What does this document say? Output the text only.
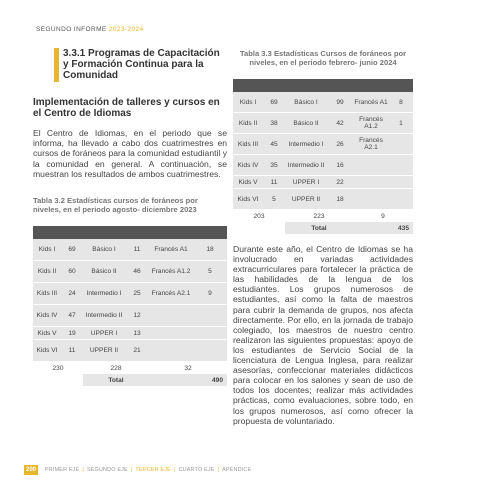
SEGUNDO INFORME 2023-2024
3.3.1 Programas de Capacitación y Formación Continua para la Comunidad
Implementación de talleres y cursos en el Centro de Idiomas
El Centro de Idiomas, en el periodo que se informa, ha llevado a cabo dos cuatrimestres en cursos de foráneos para la comunidad estudiantil y la comunidad en general. A continuación, se muestran los resultados de ambos cuatrimestres.
Tabla 3.2 Estadísticas cursos de foráneos por niveles, en el periodo agosto- diciembre 2023

Kids I	69	Básico I	11	Francés A1	18
Kids II	60	Básico II	46	Francés A1.2	5
Kids III	24	Intermedio I	25	Francés A2.1	9
Kids IV	47	Intermedio II	12		
Kids V	19	UPPER I	13		
Kids VI	11	UPPER II	21		
230		228		32	
		Total			490
Tabla 3.3 Estadísticas Cursos de foráneos por niveles, en el periodo febrero- junio 2024

Kids I	69	Básico I	99	Francés A1	8
Kids II	38	Básico II	42	Francés A1.2	1
Kids III	45	Intermedio I	26	Francés A2.1	
Kids IV	35	Intermedio II	16		
Kids V	11	UPPER I	22		
Kids VI	5	UPPER II	18		
203		223		9	
		Total			435
Durante este año, el Centro de Idiomas se ha involucrado en variadas actividades extracurriculares para fortalecer la práctica de las habilidades de la lengua de los estudiantes. Los grupos numerosos de estudiantes, así como la falta de maestros para cubrir la demanda de grupos, nos afecta directamente. Por ello, en la jornada de trabajo colegiado, los maestros de nuestro centro realizaron las siguientes propuestas: apoyo de los estudiantes de Servicio Social de la licenciatura de Lengua Inglesa, para realizar asesorías, confeccionar materiales didácticos para colocar en los salones y sean de uso de todos los docentes; realizar más actividades prácticas, como evaluaciones, sobre todo, en los grupos numerosos, así como ofrecer la propuesta de voluntariado.
200	PRIMER EJE | SEGUNDO EJE | TERCER EJE | CUARTO EJE | APÉNDICE
